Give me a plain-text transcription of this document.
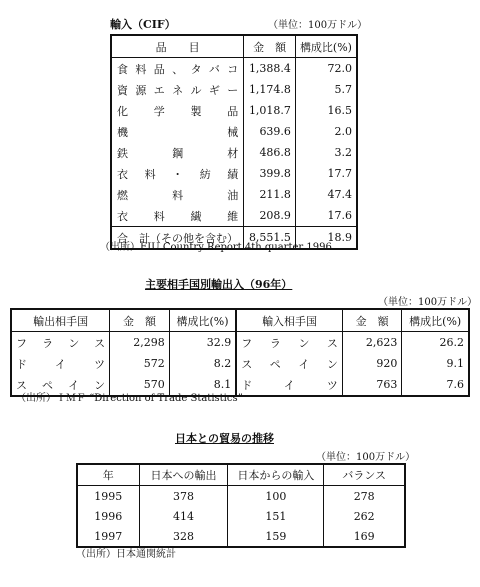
輸入（CIF）	（単位：100万ドル）
品　　目	金　額	構成比(%)
食料品、タバコ	1,388.4	72.0
資源エネルギー	1,174.8	5.7
化学製品	1,018.7	16.5
機械	639.6	2.0
鉄鋼材	486.8	3.2
衣料・紡績	399.8	17.7
燃料油	211.8	47.4
衣料繊維	208.9	17.6
合　計（その他を含む）	8,551.5	18.9
（出所）EIU Country Report 4th quarter 1996
主要相手国別輸出入（96年）
（単位：100万ドル）
輸出相手国	金　額	構成比(%)	輸入相手国	金　額	構成比(%)
フランス	2,298	32.9	フランス	2,623	26.2
ドイツ	572	8.2	スペイン	920	9.1
スペイン	570	8.1	ドイツ	763	7.6
（出所）ＩＭＦ “Direction of Trade Statistics”
日本との貿易の推移
（単位：100万ドル）
年	日本への輸出	日本からの輸入	バランス
1995	378	100	278
1996	414	151	262
1997	328	159	169
（出所）日本通関統計
